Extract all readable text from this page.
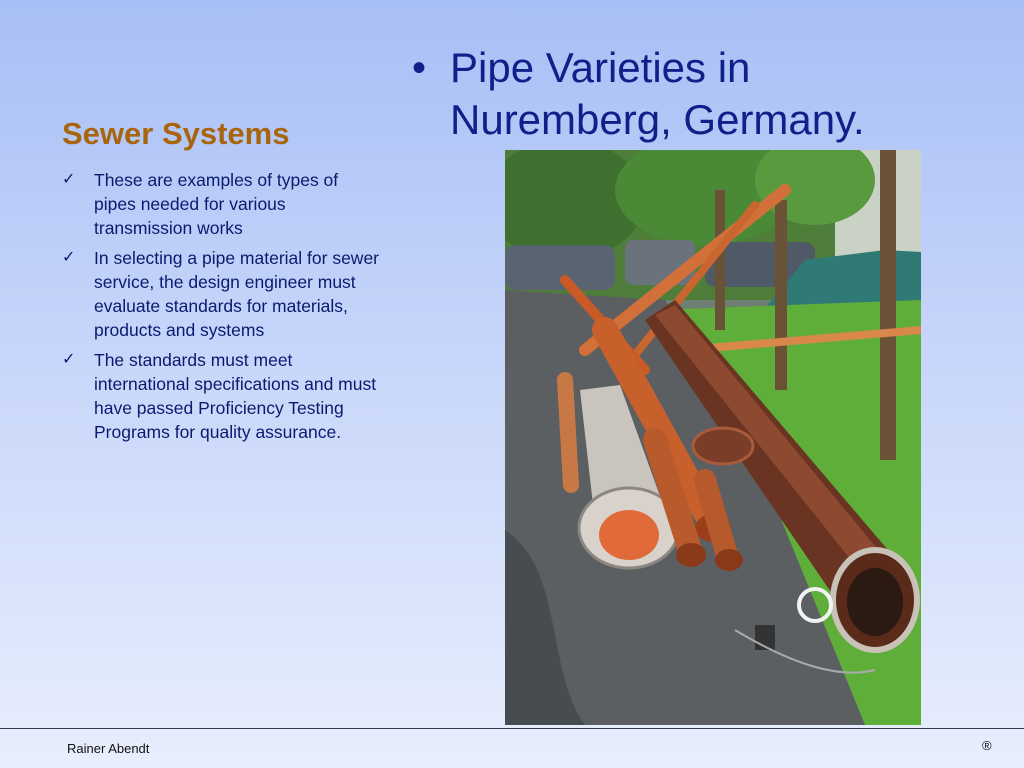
• Pipe Varieties in Nuremberg, Germany.
Sewer Systems
✓ These are examples of types of pipes needed for various transmission works
✓ In selecting a pipe material for sewer service, the design engineer must evaluate standards for materials, products and systems
✓ The standards must meet international specifications and must have passed Proficiency Testing Programs for quality assurance.
Rainer Abendt	®
